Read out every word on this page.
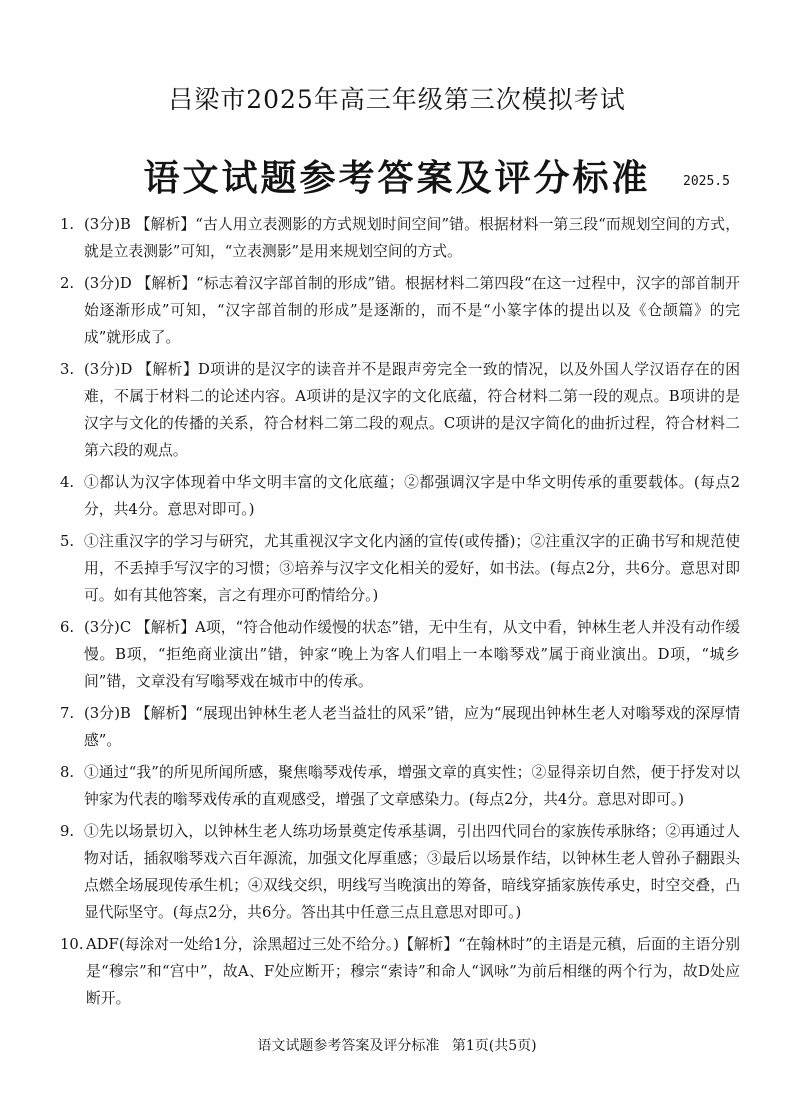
吕梁市2025年高三年级第三次模拟考试
语文试题参考答案及评分标准	2025.5
1. (3分)B 【解析】“古人用立表测影的方式规划时间空间”错。根据材料一第三段“而规划空间的方式，就是立表测影”可知，“立表测影”是用来规划空间的方式。
2. (3分)D 【解析】“标志着汉字部首制的形成”错。根据材料二第四段“在这一过程中，汉字的部首制开始逐渐形成”可知，“汉字部首制的形成”是逐渐的，而不是“小篆字体的提出以及《仓颉篇》的完成”就形成了。
3. (3分)D 【解析】D项讲的是汉字的读音并不是跟声旁完全一致的情况，以及外国人学汉语存在的困难，不属于材料二的论述内容。A项讲的是汉字的文化底蕴，符合材料二第一段的观点。B项讲的是汉字与文化的传播的关系，符合材料二第二段的观点。C项讲的是汉字简化的曲折过程，符合材料二第六段的观点。
4. ①都认为汉字体现着中华文明丰富的文化底蕴；②都强调汉字是中华文明传承的重要载体。(每点2分，共4分。意思对即可。)
5. ①注重汉字的学习与研究，尤其重视汉字文化内涵的宣传(或传播)；②注重汉字的正确书写和规范使用，不丢掉手写汉字的习惯；③培养与汉字文化相关的爱好，如书法。(每点2分，共6分。意思对即可。如有其他答案，言之有理亦可酌情给分。)
6. (3分)C 【解析】A项，“符合他动作缓慢的状态”错，无中生有，从文中看，钟林生老人并没有动作缓慢。B项，“拒绝商业演出”错，钟家“晚上为客人们唱上一本嗡琴戏”属于商业演出。D项，“城乡间”错，文章没有写嗡琴戏在城市中的传承。
7. (3分)B 【解析】“展现出钟林生老人老当益壮的风采”错，应为“展现出钟林生老人对嗡琴戏的深厚情感”。
8. ①通过“我”的所见所闻所感，聚焦嗡琴戏传承，增强文章的真实性；②显得亲切自然，便于抒发对以钟家为代表的嗡琴戏传承的直观感受，增强了文章感染力。(每点2分，共4分。意思对即可。)
9. ①先以场景切入，以钟林生老人练功场景奠定传承基调，引出四代同台的家族传承脉络；②再通过人物对话，插叙嗡琴戏六百年源流，加强文化厚重感；③最后以场景作结，以钟林生老人曾孙子翻跟头点燃全场展现传承生机；④双线交织，明线写当晚演出的筹备，暗线穿插家族传承史，时空交叠，凸显代际坚守。(每点2分，共6分。答出其中任意三点且意思对即可。)
10. ADF(每涂对一处给1分，涂黑超过三处不给分。)【解析】“在翰林时”的主语是元稹，后面的主语分别是“穆宗”和“宫中”，故A、F处应断开；穆宗“索诗”和命人“讽咏”为前后相继的两个行为，故D处应断开。
语文试题参考答案及评分标准 第1页(共5页)
